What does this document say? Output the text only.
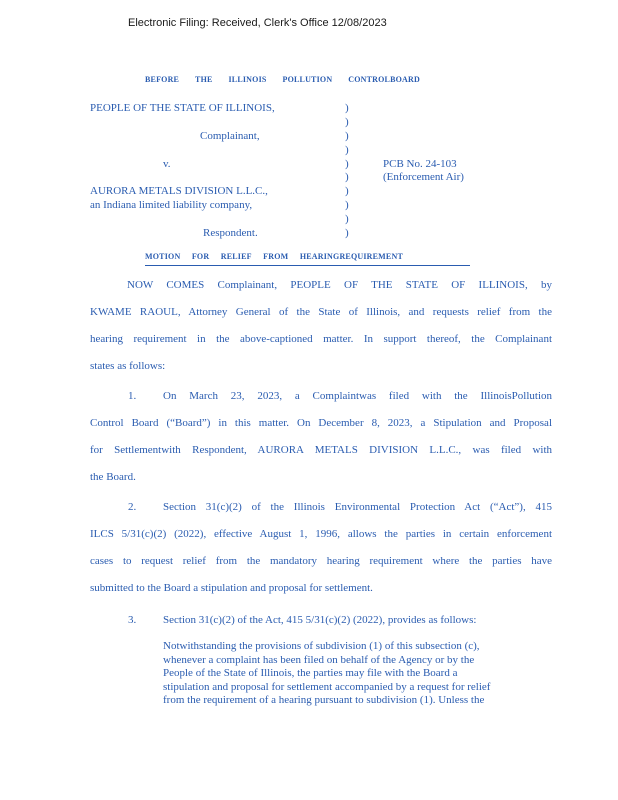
Electronic Filing: Received, Clerk's Office 12/08/2023
BEFORE THE ILLINOIS POLLUTION CONTROLBOARD
PEOPLE OF THE STATE OF ILLINOIS,
Complainant,
v.
AURORA METALS DIVISION L.L.C.,
an Indiana limited liability company,
Respondent.
)
)
)
)
)
)
)
)
)
)
PCB No. 24-103
(Enforcement Air)
MOTION FOR RELIEF FROM HEARINGREQUIREMENT
NOW COMES Complainant, PEOPLE OF THE STATE OF ILLINOIS, by
KWAME RAOUL, Attorney General of the State of Illinois, and requests relief from the
hearing requirement in the above-captioned matter. In support thereof, the Complainant
states as follows:
1. On March 23, 2023, a Complaintwas filed with the IllinoisPollution
Control Board (“Board”) in this matter. On December 8, 2023, a Stipulation and Proposal
for Settlementwith Respondent, AURORA METALS DIVISION L.L.C., was filed with
the Board.
2. Section 31(c)(2) of the Illinois Environmental Protection Act (“Act”), 415
ILCS 5/31(c)(2) (2022), effective August 1, 1996, allows the parties in certain enforcement
cases to request relief from the mandatory hearing requirement where the parties have
submitted to the Board a stipulation and proposal for settlement.
3. Section 31(c)(2) of the Act, 415 5/31(c)(2) (2022), provides as follows:
Notwithstanding the provisions of subdivision (1) of this subsection (c),
whenever a complaint has been filed on behalf of the Agency or by the
People of the State of Illinois, the parties may file with the Board a
stipulation and proposal for settlement accompanied by a request for relief
from the requirement of a hearing pursuant to subdivision (1). Unless the
